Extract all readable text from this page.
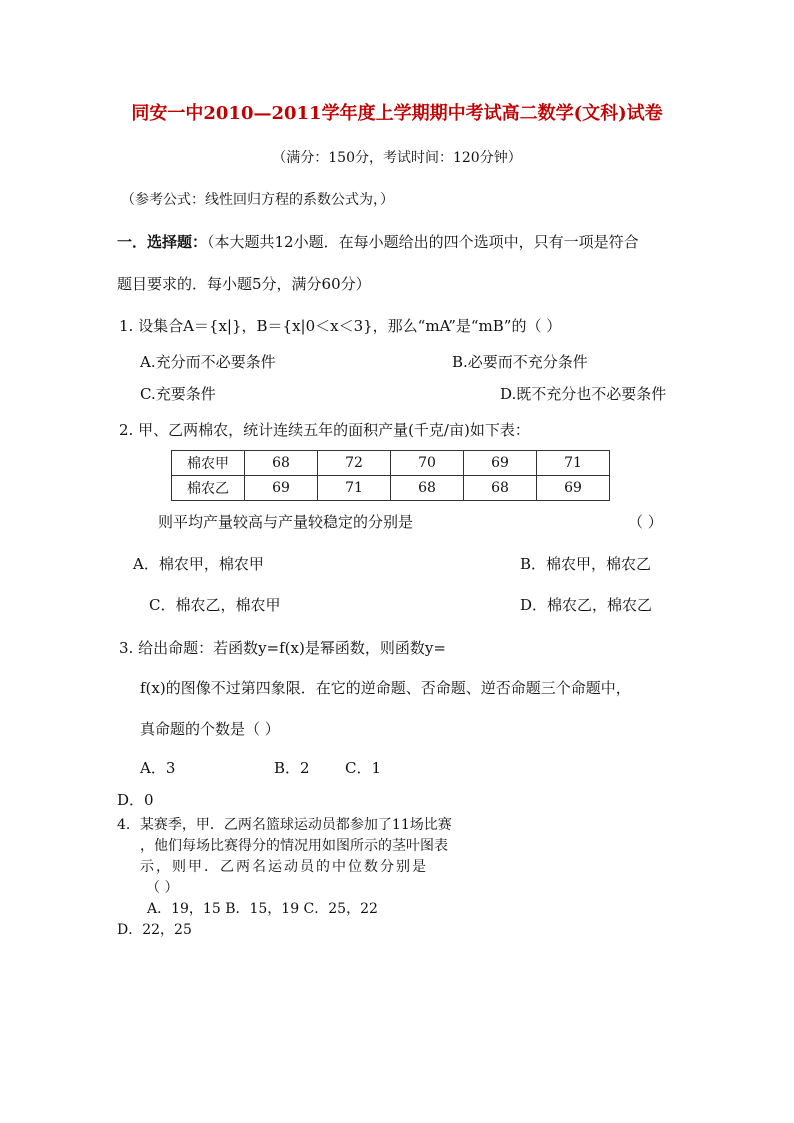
同安一中2010—2011学年度上学期期中考试高二数学(文科)试卷
（满分：150分，考试时间：120分钟）
（参考公式：线性回归方程的系数公式为，）
一．选择题：（本大题共12小题．在每小题给出的四个选项中，只有一项是符合
题目要求的．每小题5分，满分60分）
1. 设集合A＝{x|}，B＝{x|0＜x＜3}，那么“mA”是“mB”的（ ）
A.充分而不必要条件	B.必要而不充分条件
C.充要条件	D.既不充分也不必要条件
2. 甲、乙两棉农，统计连续五年的面积产量(千克/亩)如下表：
棉农甲	68	72	70	69	71
棉农乙	69	71	68	68	69
则平均产量较高与产量较稳定的分别是	（ ）
A．棉农甲，棉农甲	B．棉农甲，棉农乙
C．棉农乙，棉农甲	D．棉农乙，棉农乙
3. 给出命题：若函数y=f(x)是幂函数，则函数y=
f(x)的图像不过第四象限．在它的逆命题、否命题、逆否命题三个命题中，
真命题的个数是（ ）
A．3	B．2 C．1
D．0
4．某赛季，甲．乙两名篮球运动员都参加了11场比赛
，他们每场比赛得分的情况用如图所示的茎叶图表
示，则甲．乙两名运动员的中位数分别是
（ ）
A．19，15 B．15，19 C．25，22
D．22，25
